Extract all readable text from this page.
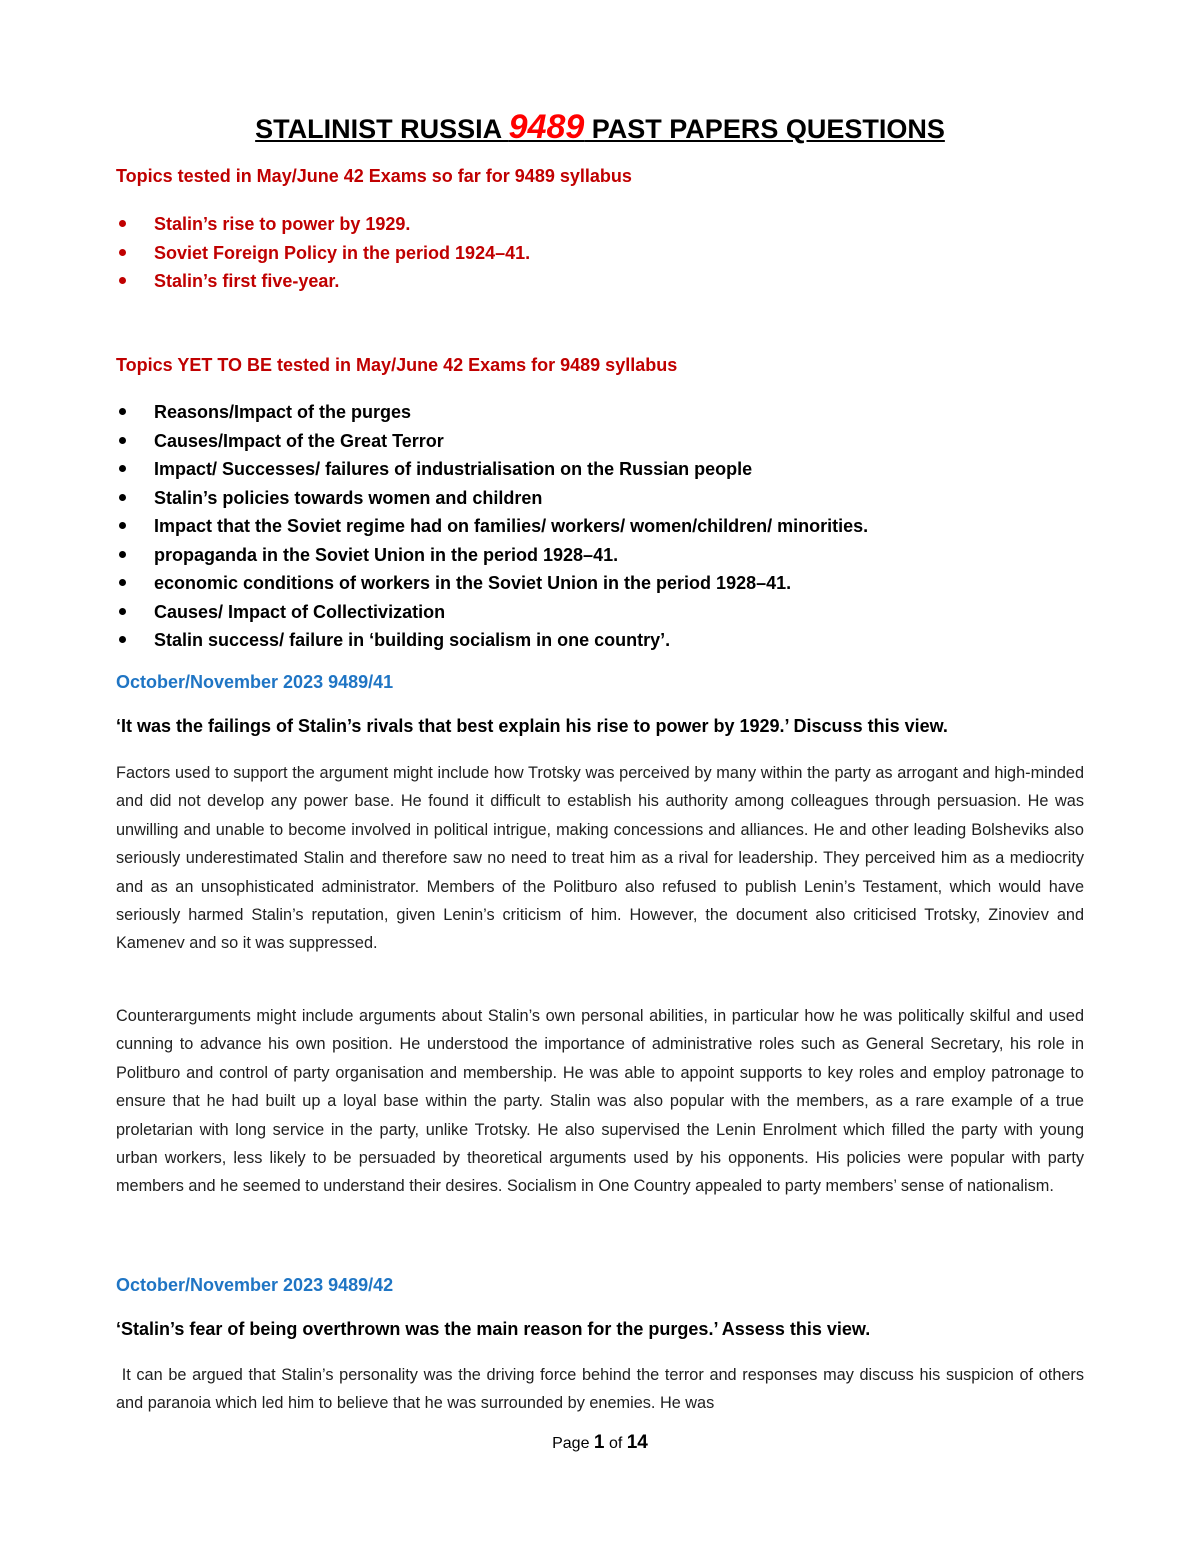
STALINIST RUSSIA 9489 PAST PAPERS QUESTIONS
Topics tested in May/June 42 Exams so far for 9489 syllabus
Stalin’s rise to power by 1929.
Soviet Foreign Policy in the period 1924–41.
Stalin’s first five-year.
Topics YET TO BE tested in May/June 42 Exams for 9489 syllabus
Reasons/Impact of the purges
Causes/Impact of the Great Terror
Impact/ Successes/ failures of industrialisation on the Russian people
Stalin’s policies towards women and children
Impact that the Soviet regime had on families/ workers/ women/children/ minorities.
propaganda in the Soviet Union in the period 1928–41.
economic conditions of workers in the Soviet Union in the period 1928–41.
Causes/ Impact of Collectivization
Stalin success/ failure in ‘building socialism in one country’.
October/November 2023 9489/41
‘It was the failings of Stalin’s rivals that best explain his rise to power by 1929.’ Discuss this view.
Factors used to support the argument might include how Trotsky was perceived by many within the party as arrogant and high-minded and did not develop any power base. He found it difficult to establish his authority among colleagues through persuasion. He was unwilling and unable to become involved in political intrigue, making concessions and alliances. He and other leading Bolsheviks also seriously underestimated Stalin and therefore saw no need to treat him as a rival for leadership. They perceived him as a mediocrity and as an unsophisticated administrator. Members of the Politburo also refused to publish Lenin’s Testament, which would have seriously harmed Stalin’s reputation, given Lenin’s criticism of him. However, the document also criticised Trotsky, Zinoviev and Kamenev and so it was suppressed.
Counterarguments might include arguments about Stalin’s own personal abilities, in particular how he was politically skilful and used cunning to advance his own position. He understood the importance of administrative roles such as General Secretary, his role in Politburo and control of party organisation and membership. He was able to appoint supports to key roles and employ patronage to ensure that he had built up a loyal base within the party. Stalin was also popular with the members, as a rare example of a true proletarian with long service in the party, unlike Trotsky. He also supervised the Lenin Enrolment which filled the party with young urban workers, less likely to be persuaded by theoretical arguments used by his opponents. His policies were popular with party members and he seemed to understand their desires. Socialism in One Country appealed to party members’ sense of nationalism.
October/November 2023 9489/42
‘Stalin’s fear of being overthrown was the main reason for the purges.’ Assess this view.
It can be argued that Stalin’s personality was the driving force behind the terror and responses may discuss his suspicion of others and paranoia which led him to believe that he was surrounded by enemies. He was
Page 1 of 14
